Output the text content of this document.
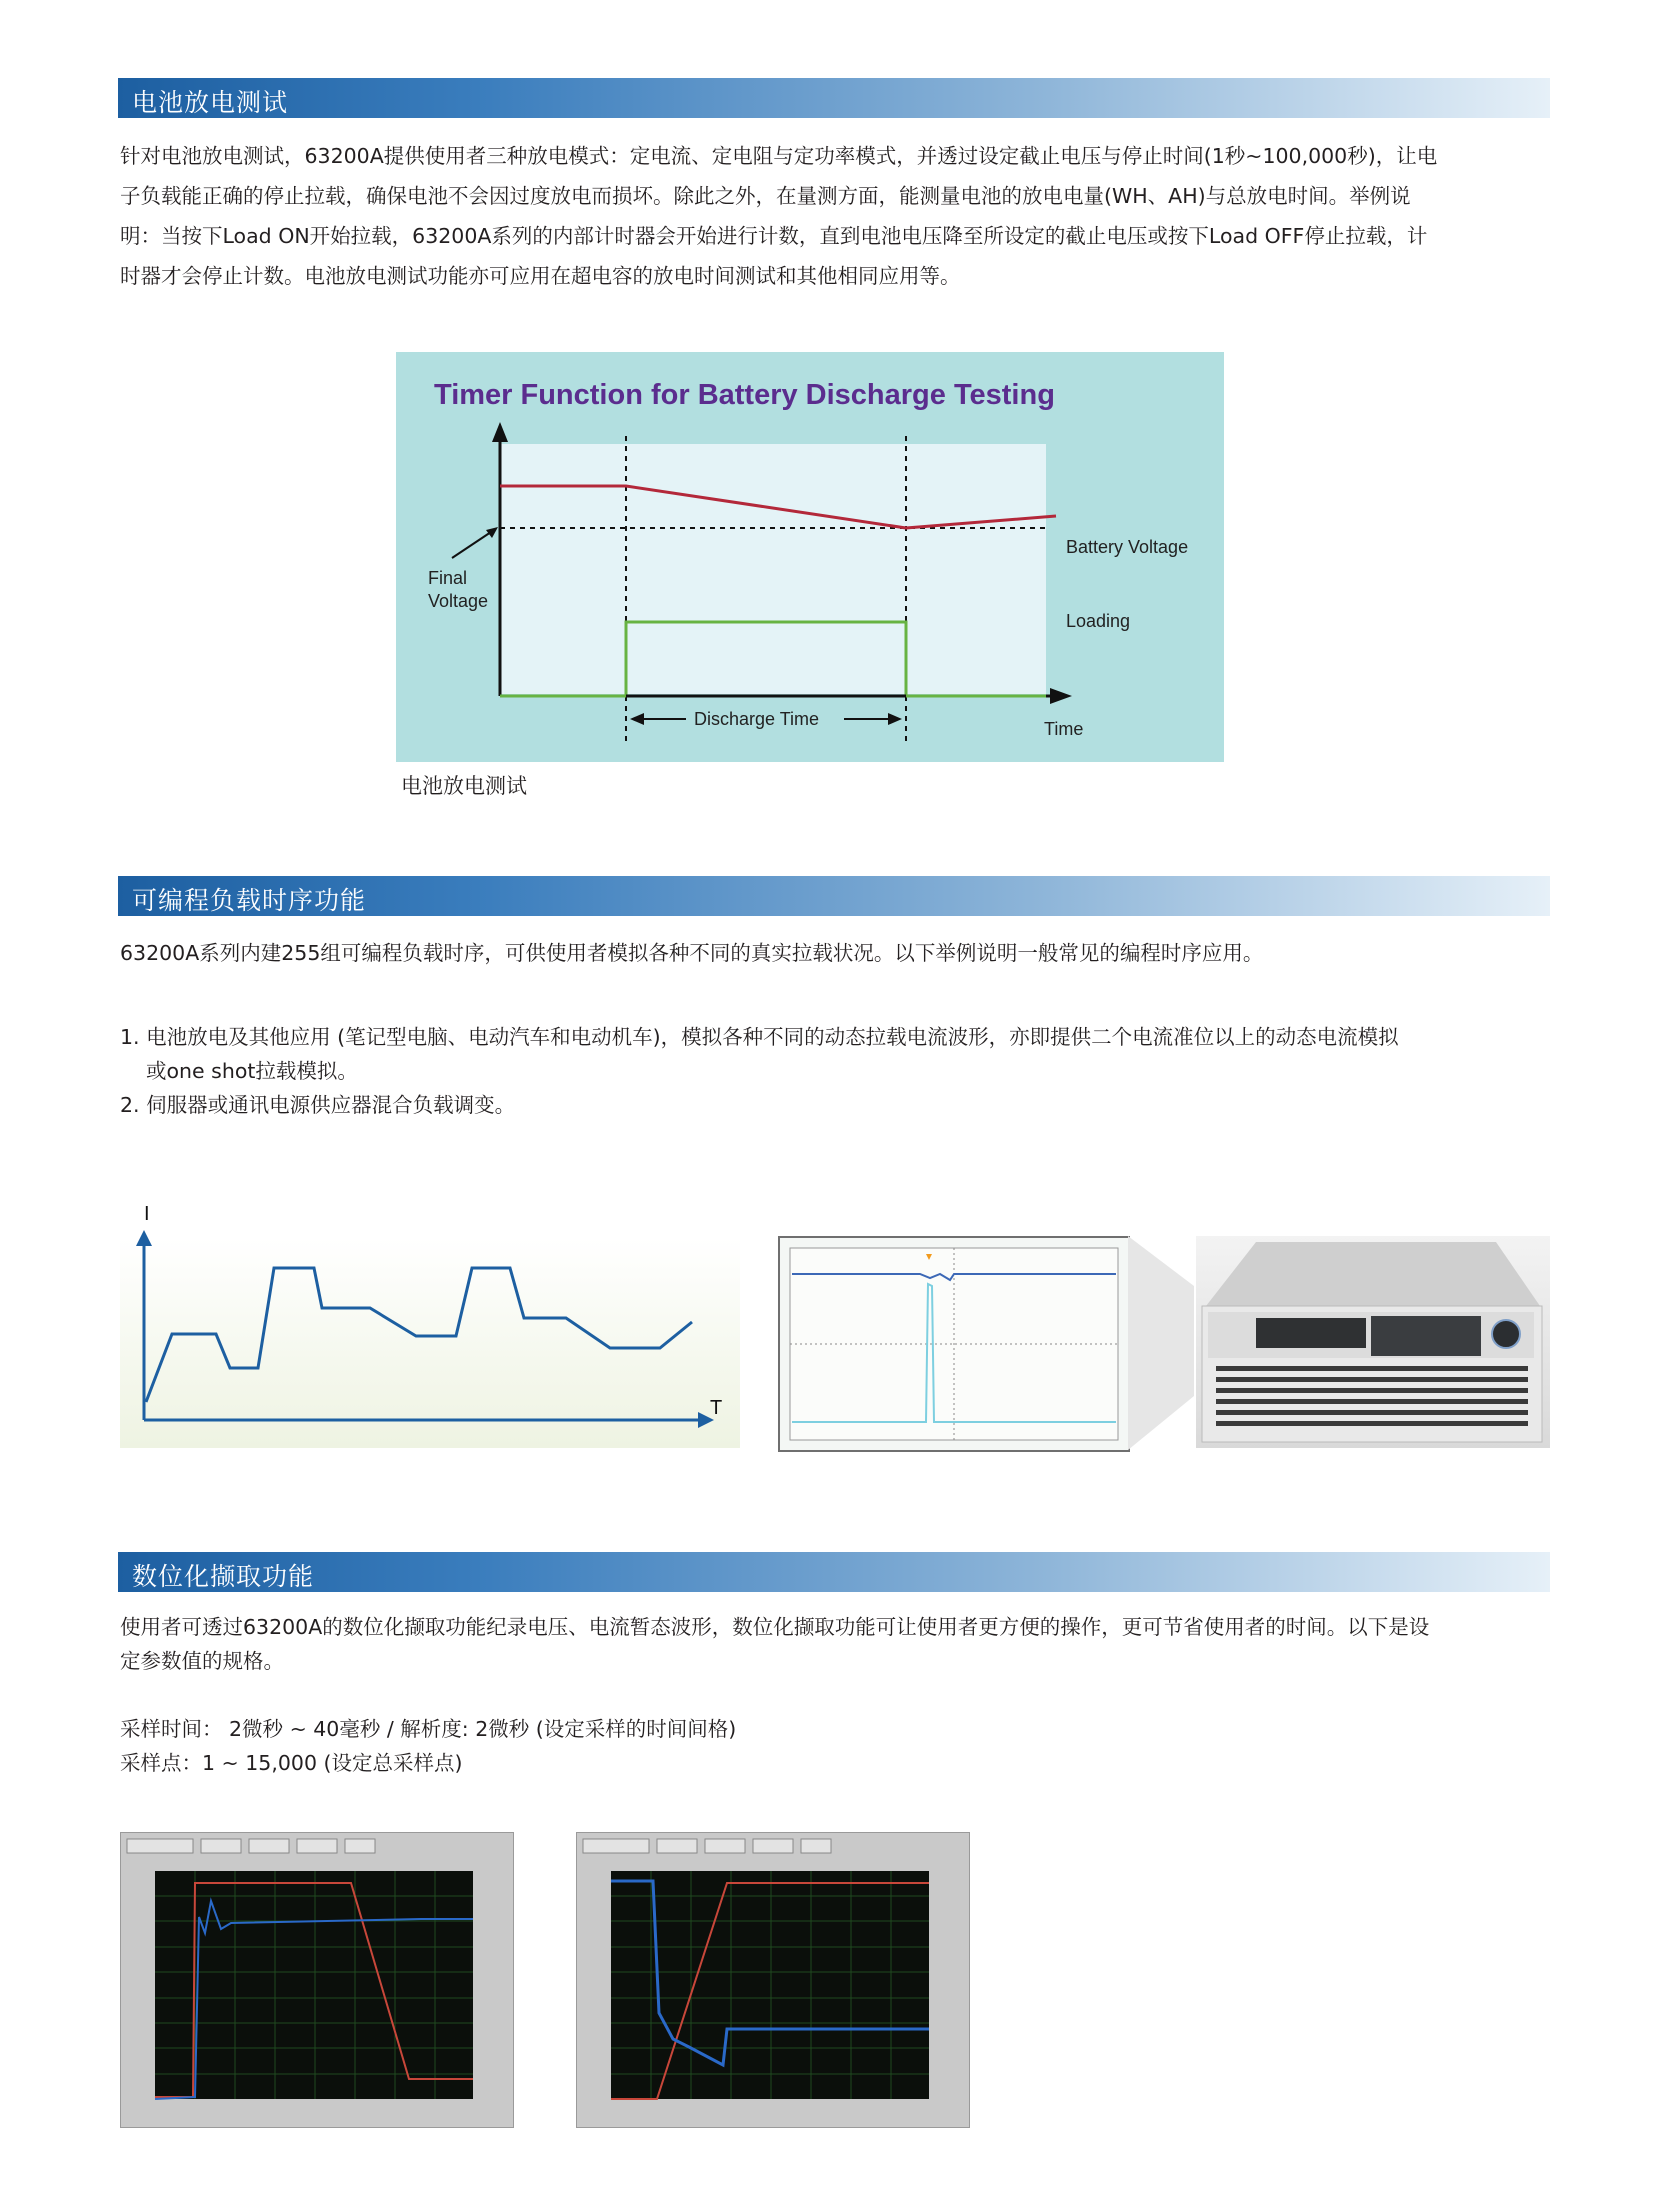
电池放电测试
针对电池放电测试，63200A提供使用者三种放电模式：定电流、定电阻与定功率模式，并透过设定截止电压与停止时间(1秒~100,000秒)，让电
子负载能正确的停止拉载，确保电池不会因过度放电而损坏。除此之外，在量测方面，能测量电池的放电电量(WH、AH)与总放电时间。举例说
明：当按下Load ON开始拉载，63200A系列的内部计时器会开始进行计数，直到电池电压降至所设定的截止电压或按下Load OFF停止拉载，计
时器才会停止计数。电池放电测试功能亦可应用在超电容的放电时间测试和其他相同应用等。
Timer Function for Battery Discharge Testing
Final
Voltage
Battery Voltage
Loading
Discharge Time	Time
电池放电测试
可编程负载时序功能
63200A系列内建255组可编程负载时序，可供使用者模拟各种不同的真实拉载状况。以下举例说明一般常见的编程时序应用。
1. 电池放电及其他应用 (笔记型电脑、电动汽车和电动机车)，模拟各种不同的动态拉载电流波形，亦即提供二个电流准位以上的动态电流模拟
或one shot拉载模拟。
2. 伺服器或通讯电源供应器混合负载调变。
I
T
数位化撷取功能
使用者可透过63200A的数位化撷取功能纪录电压、电流暂态波形，数位化撷取功能可让使用者更方便的操作，更可节省使用者的时间。以下是设
定参数值的规格。
采样时间： 2微秒 ~ 40毫秒 / 解析度: 2微秒 (设定采样的时间间格)
采样点：1 ~ 15,000 (设定总采样点)
